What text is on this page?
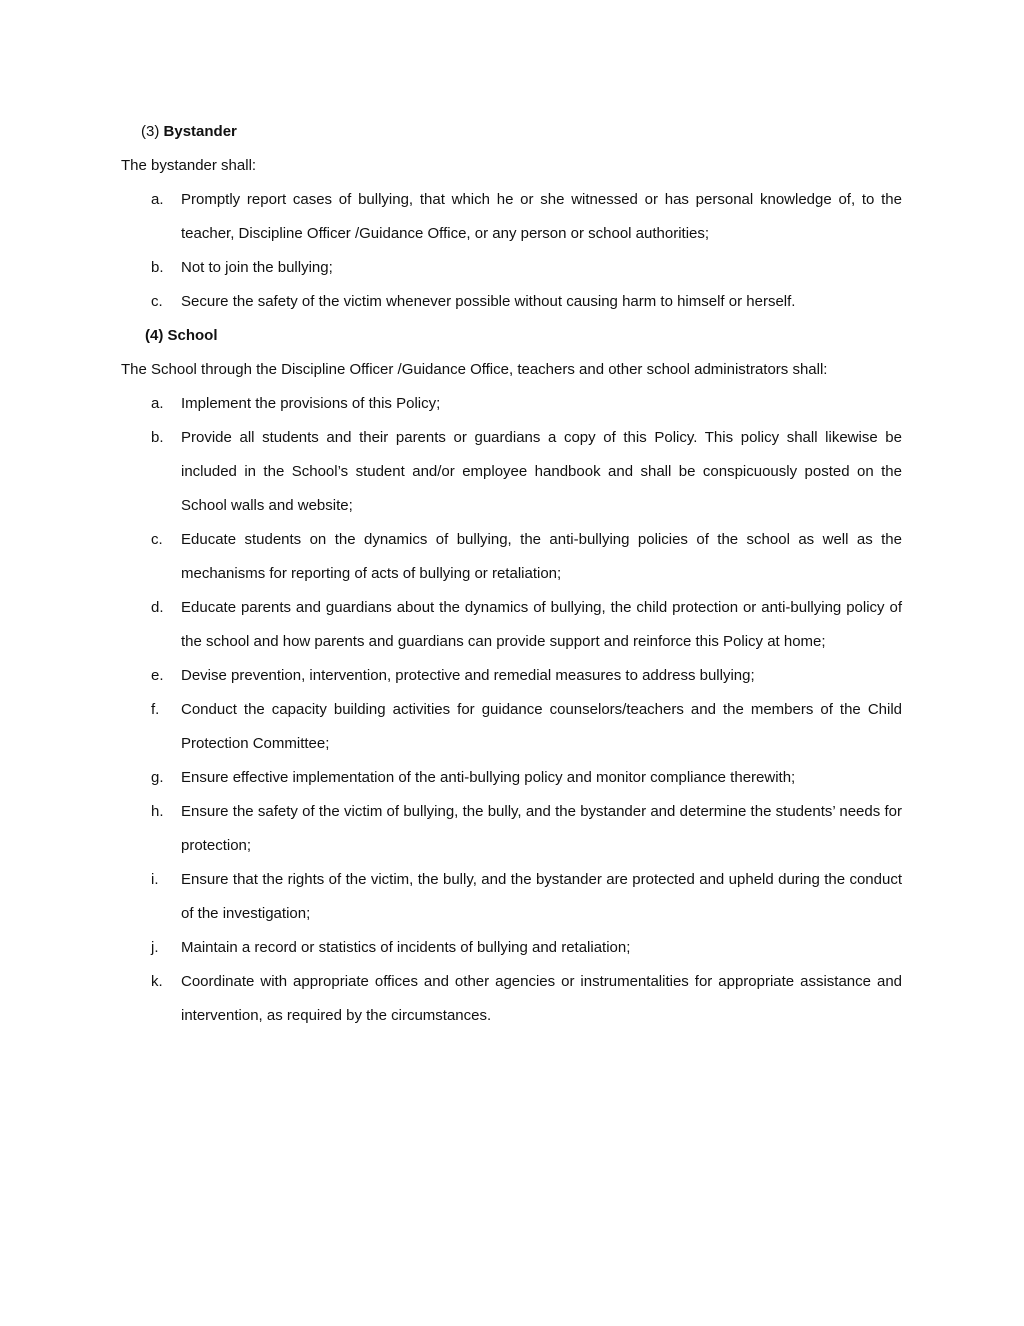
(3) Bystander
The bystander shall:
a. Promptly report cases of bullying, that which he or she witnessed or has personal knowledge of, to the teacher, Discipline Officer /Guidance Office, or any person or school authorities;
b. Not to join the bullying;
c. Secure the safety of the victim whenever possible without causing harm to himself or herself.
(4) School
The School through the Discipline Officer /Guidance Office, teachers and other school administrators shall:
a. Implement the provisions of this Policy;
b. Provide all students and their parents or guardians a copy of this Policy. This policy shall likewise be included in the School’s student and/or employee handbook and shall be conspicuously posted on the School walls and website;
c. Educate students on the dynamics of bullying, the anti-bullying policies of the school as well as the mechanisms for reporting of acts of bullying or retaliation;
d. Educate parents and guardians about the dynamics of bullying, the child protection or anti-bullying policy of the school and how parents and guardians can provide support and reinforce this Policy at home;
e. Devise prevention, intervention, protective and remedial measures to address bullying;
f. Conduct the capacity building activities for guidance counselors/teachers and the members of the Child Protection Committee;
g. Ensure effective implementation of the anti-bullying policy and monitor compliance therewith;
h. Ensure the safety of the victim of bullying, the bully, and the bystander and determine the students’ needs for protection;
i. Ensure that the rights of the victim, the bully, and the bystander are protected and upheld during the conduct of the investigation;
j. Maintain a record or statistics of incidents of bullying and retaliation;
k. Coordinate with appropriate offices and other agencies or instrumentalities for appropriate assistance and intervention, as required by the circumstances.
